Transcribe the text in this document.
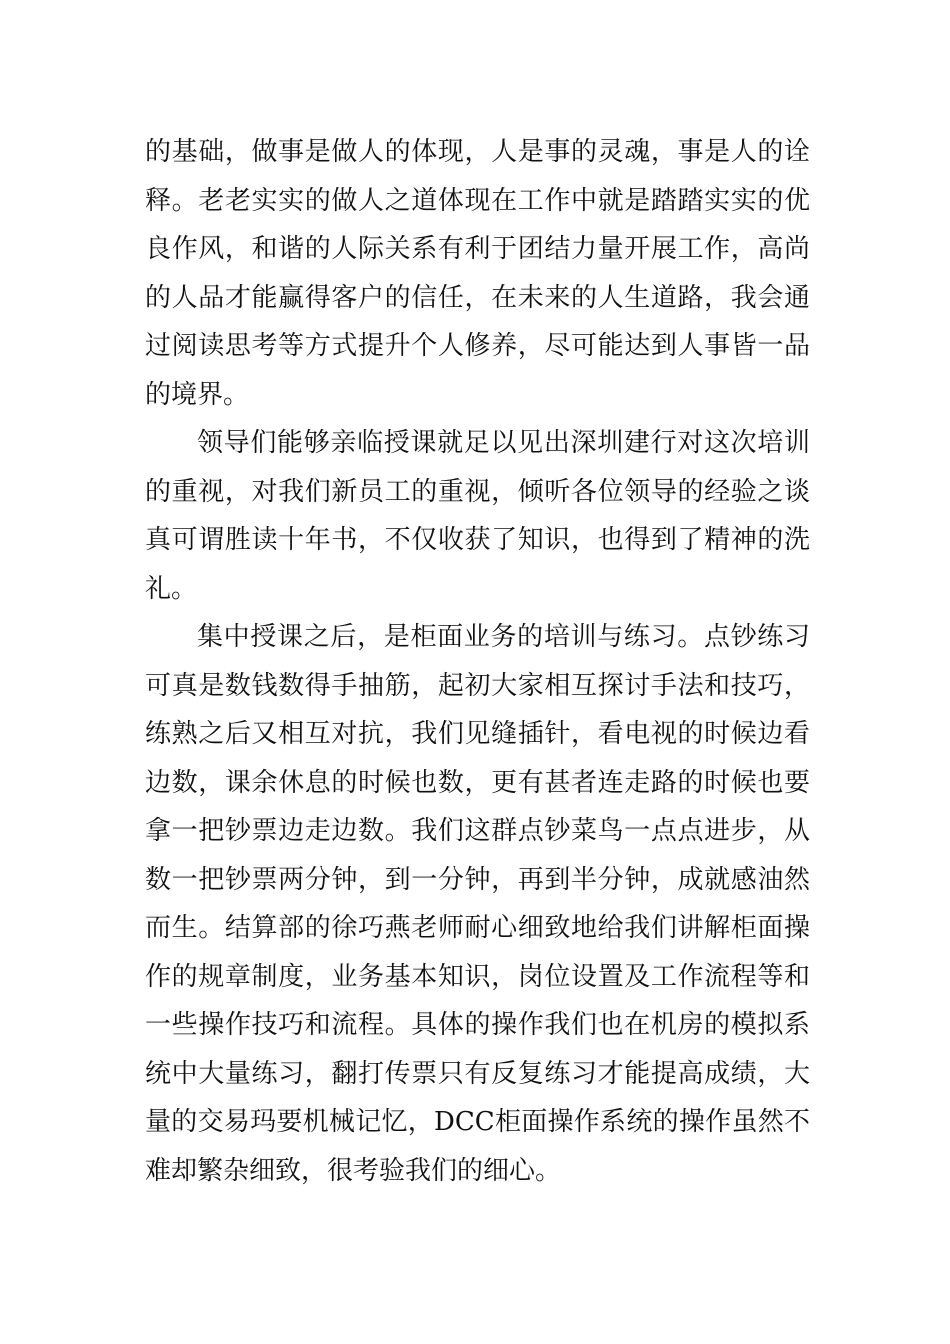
的基础，做事是做人的体现，人是事的灵魂，事是人的诠释。老老实实的做人之道体现在工作中就是踏踏实实的优良作风，和谐的人际关系有利于团结力量开展工作，高尚的人品才能赢得客户的信任，在未来的人生道路，我会通过阅读思考等方式提升个人修养，尽可能达到人事皆一品的境界。

领导们能够亲临授课就足以见出深圳建行对这次培训的重视，对我们新员工的重视，倾听各位领导的经验之谈真可谓胜读十年书，不仅收获了知识，也得到了精神的洗礼。

集中授课之后，是柜面业务的培训与练习。点钞练习可真是数钱数得手抽筋，起初大家相互探讨手法和技巧，练熟之后又相互对抗，我们见缝插针，看电视的时候边看边数，课余休息的时候也数，更有甚者连走路的时候也要拿一把钞票边走边数。我们这群点钞菜鸟一点点进步，从数一把钞票两分钟，到一分钟，再到半分钟，成就感油然而生。结算部的徐巧燕老师耐心细致地给我们讲解柜面操作的规章制度，业务基本知识，岗位设置及工作流程等和一些操作技巧和流程。具体的操作我们也在机房的模拟系统中大量练习，翻打传票只有反复练习才能提高成绩，大量的交易玛要机械记忆，DCC柜面操作系统的操作虽然不难却繁杂细致，很考验我们的细心。
